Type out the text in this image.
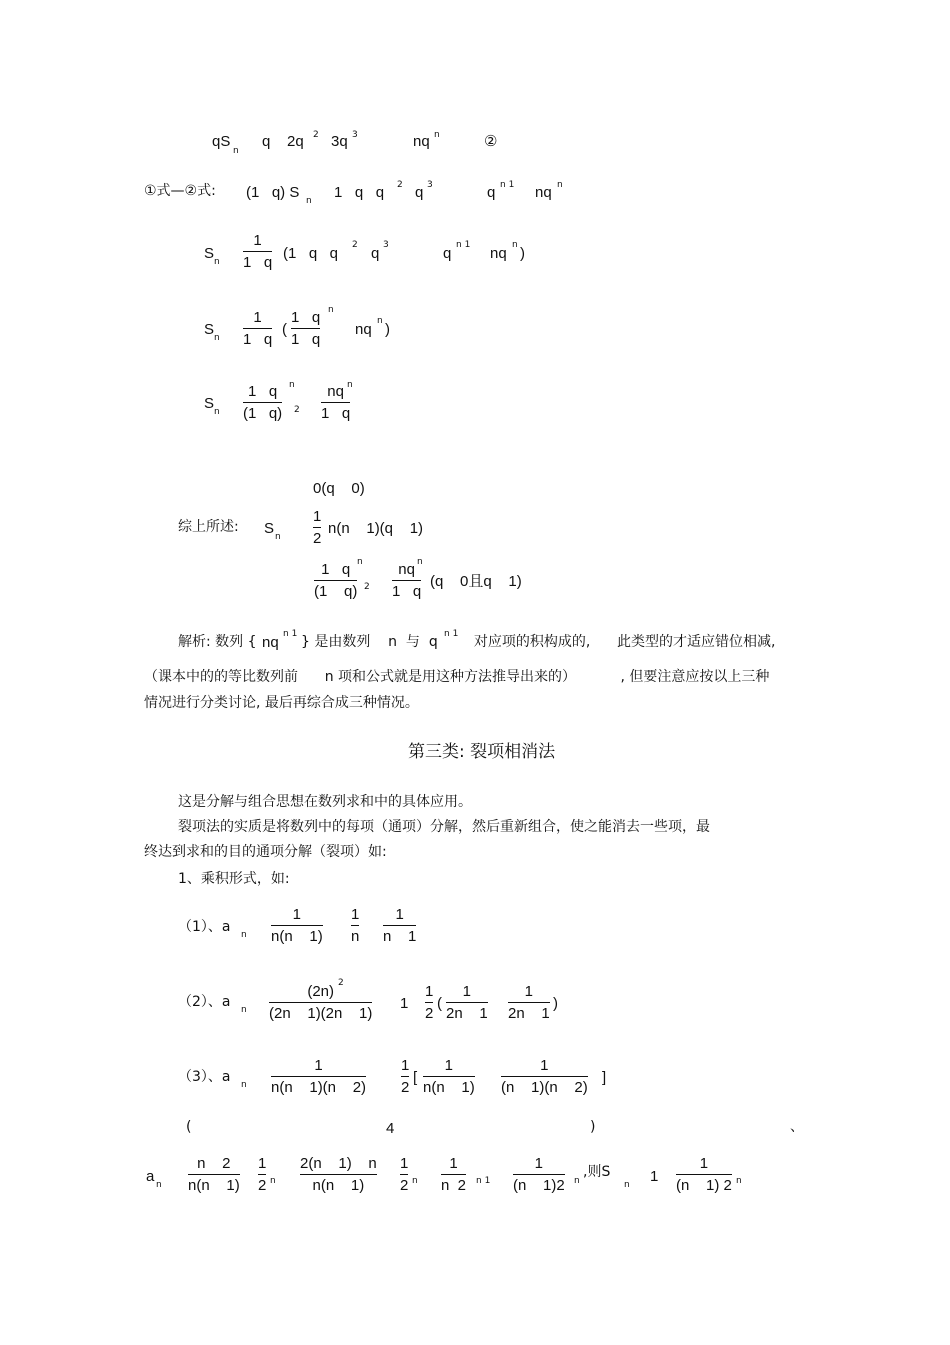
qS
n
q    2q 2 3q 3	nq n	②
①式—②式: (1   q) S n 1   q   q 2 q 3	q n 1 nq n
S n
1
1   q
(1   q   q 2 q 3	q n 1 nq )
n
S n
1
1   q
(
1   q
1   q
n
nq n )
S n
1   q
(1   q)
n
2
nq
1   q
n
0(q    0)
综上所述: S n
1
2
n(n    1)(q    1)
1   q
(1    q)
n
2
nq
1   q
n
(q    0且q    1)
解析: 数列 { nq n 1 } 是由数列    n  与  q n 1 对应项的积构成的,      此类型的才适应错位相减,
（课本中的的等比数列前      n 项和公式就是用这种方法推导出来的）          , 但要注意应按以上三种
情况进行分类讨论, 最后再综合成三种情况。
第三类: 裂项相消法
这是分解与组合思想在数列求和中的具体应用。
裂项法的实质是将数列中的每项（通项）分解，然后重新组合，使之能消去一些项，最
终达到求和的目的通项分解（裂项）如:
1、乘积形式，如:
（1）、a n
1
n(n    1)
1
n
1
n    1
（2）、a n
(2n)
(2n    1)(2n    1)
2
1
1
2
(
1
2n    1
1
2n    1
)
（3）、a n
1
n(n    1)(n    2)
1
2
[
1
n(n    1)
1
(n    1)(n    2)
]
(	4	)	、
a n
n    2
n(n    1)
1
2 n
2(n    1)    n
n(n    1)
1
2 n
1
n  2 n 1
1
(n    1)2 n
,则S
n 1
1
(n    1) 2 n
